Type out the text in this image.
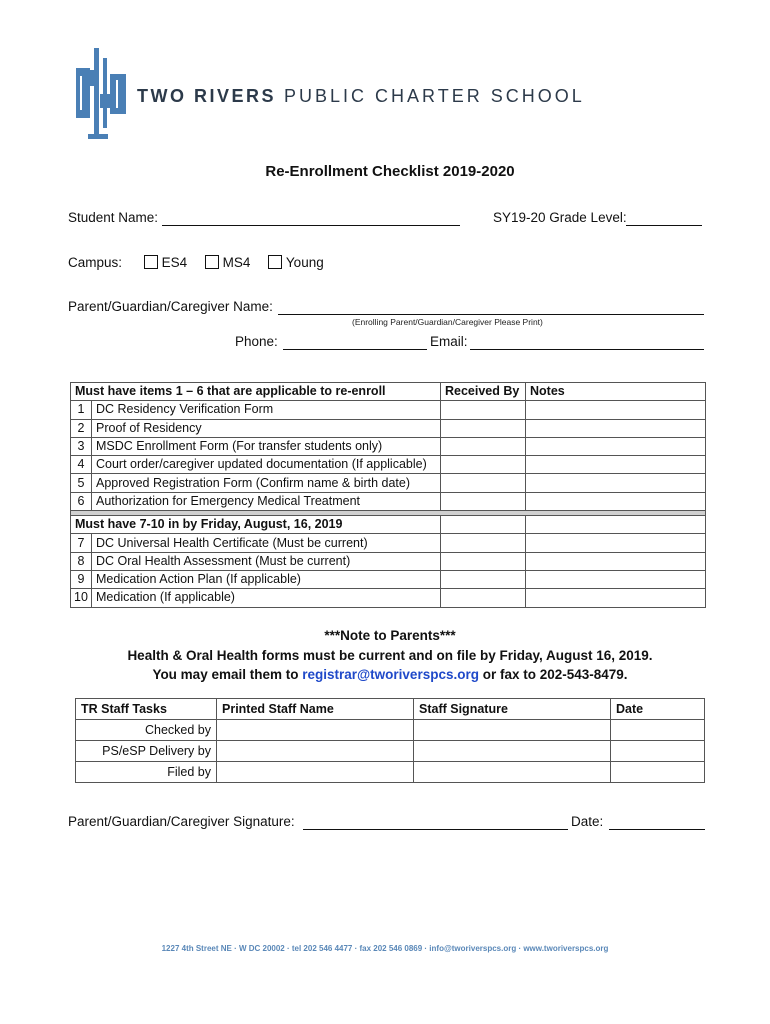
TWO RIVERS PUBLIC CHARTER SCHOOL
Re-Enrollment Checklist 2019-2020
Student Name:	SY19-20 Grade Level:
Campus:	ES4	MS4	Young
Parent/Guardian/Caregiver Name:
(Enrolling Parent/Guardian/Caregiver Please Print)
Phone:	Email:
Must have items 1 – 6 that are applicable to re-enroll		Received By	Notes
1	DC Residency Verification Form		
2	Proof of Residency		
3	MSDC Enrollment Form (For transfer students only)		
4	Court order/caregiver updated documentation (If applicable)		
5	Approved Registration Form (Confirm name & birth date)		
6	Authorization for Emergency Medical Treatment		

Must have 7-10 in by Friday, August, 16, 2019			
7	DC Universal Health Certificate (Must be current)		
8	DC Oral Health Assessment (Must be current)		
9	Medication Action Plan (If applicable)		
10	Medication (If applicable)		
***Note to Parents***
Health & Oral Health forms must be current and on file by Friday, August 16, 2019.
You may email them to registrar@tworiverspcs.org or fax to 202-543-8479.
TR Staff Tasks	Printed Staff Name	Staff Signature	Date
Checked by			
PS/eSP Delivery by			
Filed by			
Parent/Guardian/Caregiver Signature:	Date:
1227 4th Street NE · W DC 20002 · tel 202 546 4477 · fax 202 546 0869 · info@tworiverspcs.org · www.tworiverspcs.org
